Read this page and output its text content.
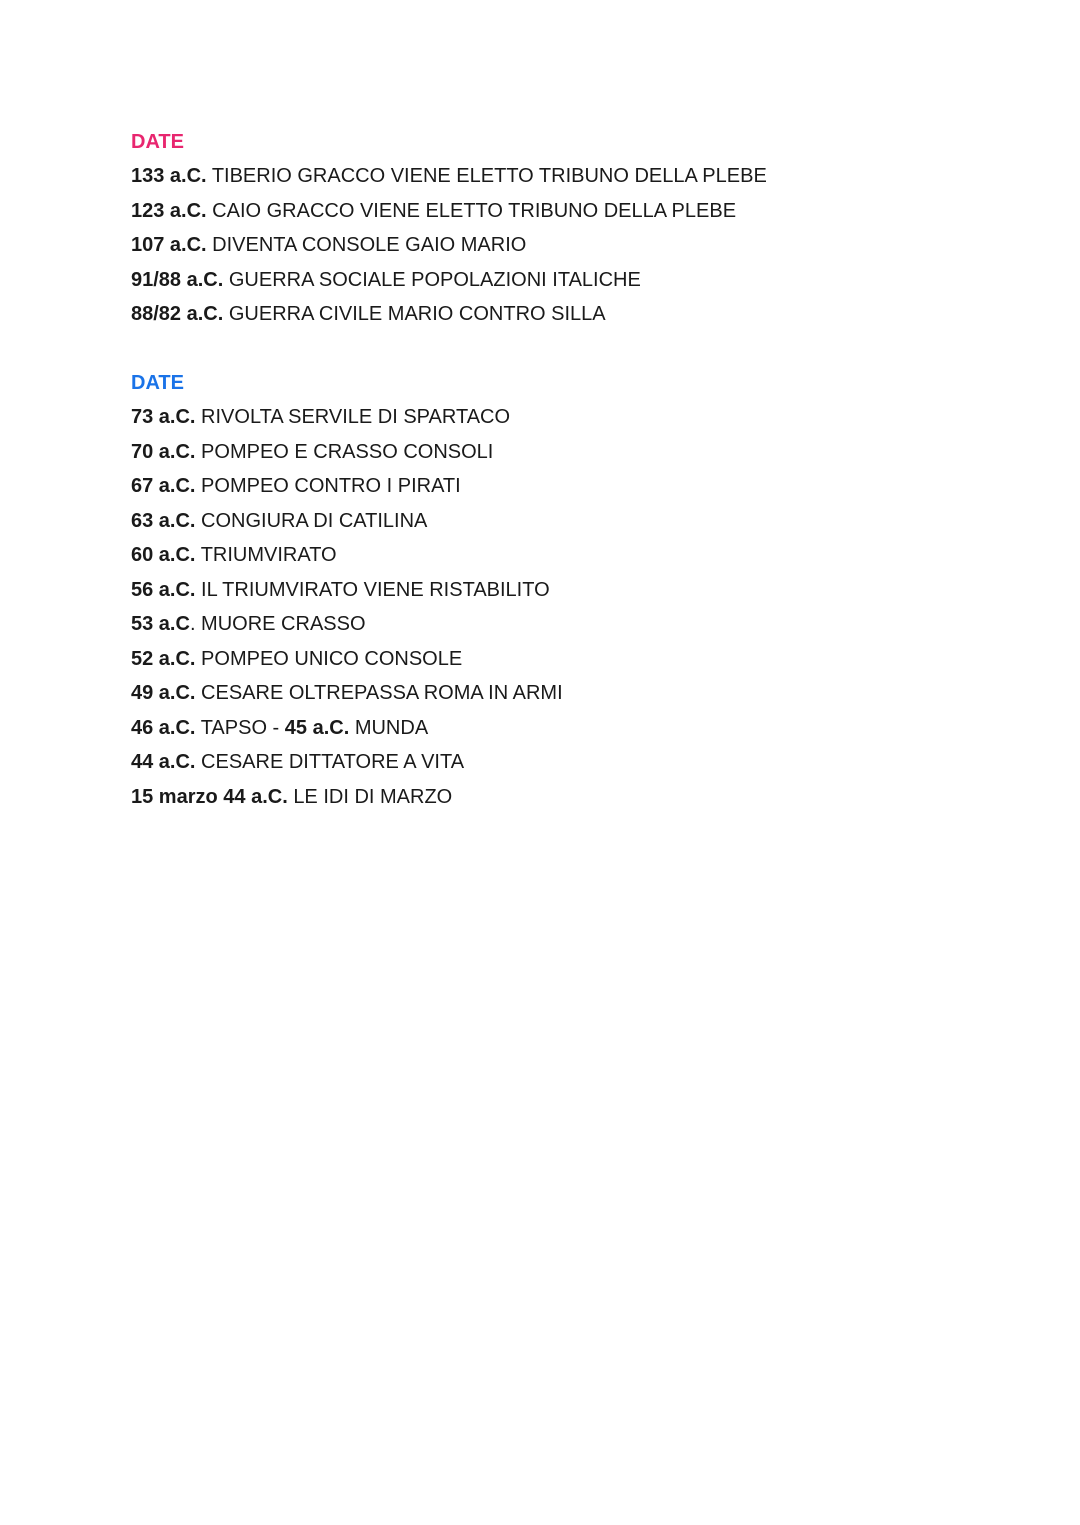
DATE
133 a.C. TIBERIO GRACCO VIENE ELETTO TRIBUNO DELLA PLEBE
123 a.C. CAIO GRACCO VIENE ELETTO TRIBUNO DELLA PLEBE
107 a.C. DIVENTA CONSOLE GAIO MARIO
91/88 a.C. GUERRA SOCIALE POPOLAZIONI ITALICHE
88/82 a.C. GUERRA CIVILE MARIO CONTRO SILLA
DATE
73 a.C. RIVOLTA SERVILE DI SPARTACO
70 a.C. POMPEO E CRASSO CONSOLI
67 a.C. POMPEO CONTRO I PIRATI
63 a.C. CONGIURA DI CATILINA
60 a.C. TRIUMVIRATO
56 a.C. IL TRIUMVIRATO VIENE RISTABILITO
53 a.C. MUORE CRASSO
52 a.C. POMPEO UNICO CONSOLE
49 a.C. CESARE OLTREPASSA ROMA IN ARMI
46 a.C. TAPSO - 45 a.C. MUNDA
44 a.C. CESARE DITTATORE A VITA
15 marzo 44 a.C. LE IDI DI MARZO
